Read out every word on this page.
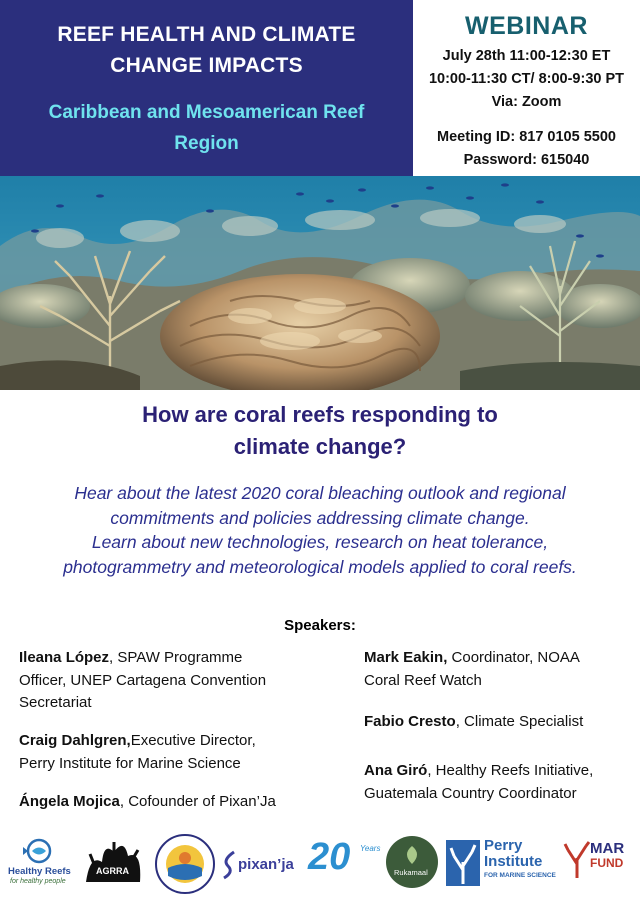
REEF HEALTH AND CLIMATE
CHANGE IMPACTS
Caribbean and Mesoamerican Reef
Region
WEBINAR
July 28th 11:00-12:30 ET
10:00-11:30 CT/ 8:00-9:30 PT
Via: Zoom
Meeting ID: 817 0105 5500
Password: 615040
How are coral reefs responding to
climate change?
Hear about the latest 2020 coral bleaching outlook and regional
commitments and policies addressing climate change.
Learn about new technologies, research on heat tolerance,
photogrammetry and meteorological models applied to coral reefs.
Speakers:
Ileana López, SPAW Programme
Officer, UNEP Cartagena Convention
Secretariat
Craig Dahlgren,Executive Director,
Perry Institute for Marine Science
Ángela Mojica, Cofounder of Pixan’Ja
Mark Eakin, Coordinator, NOAA
Coral Reef Watch
Fabio Cresto, Climate Specialist
Ana Giró, Healthy Reefs Initiative,
Guatemala Country Coordinator
Healthy Reefs
for healthy people
AGRRA	pixan’ja 20 Years
Rukamaal
Perry
Institute
FOR MARINE SCIENCE
MAR
FUND
